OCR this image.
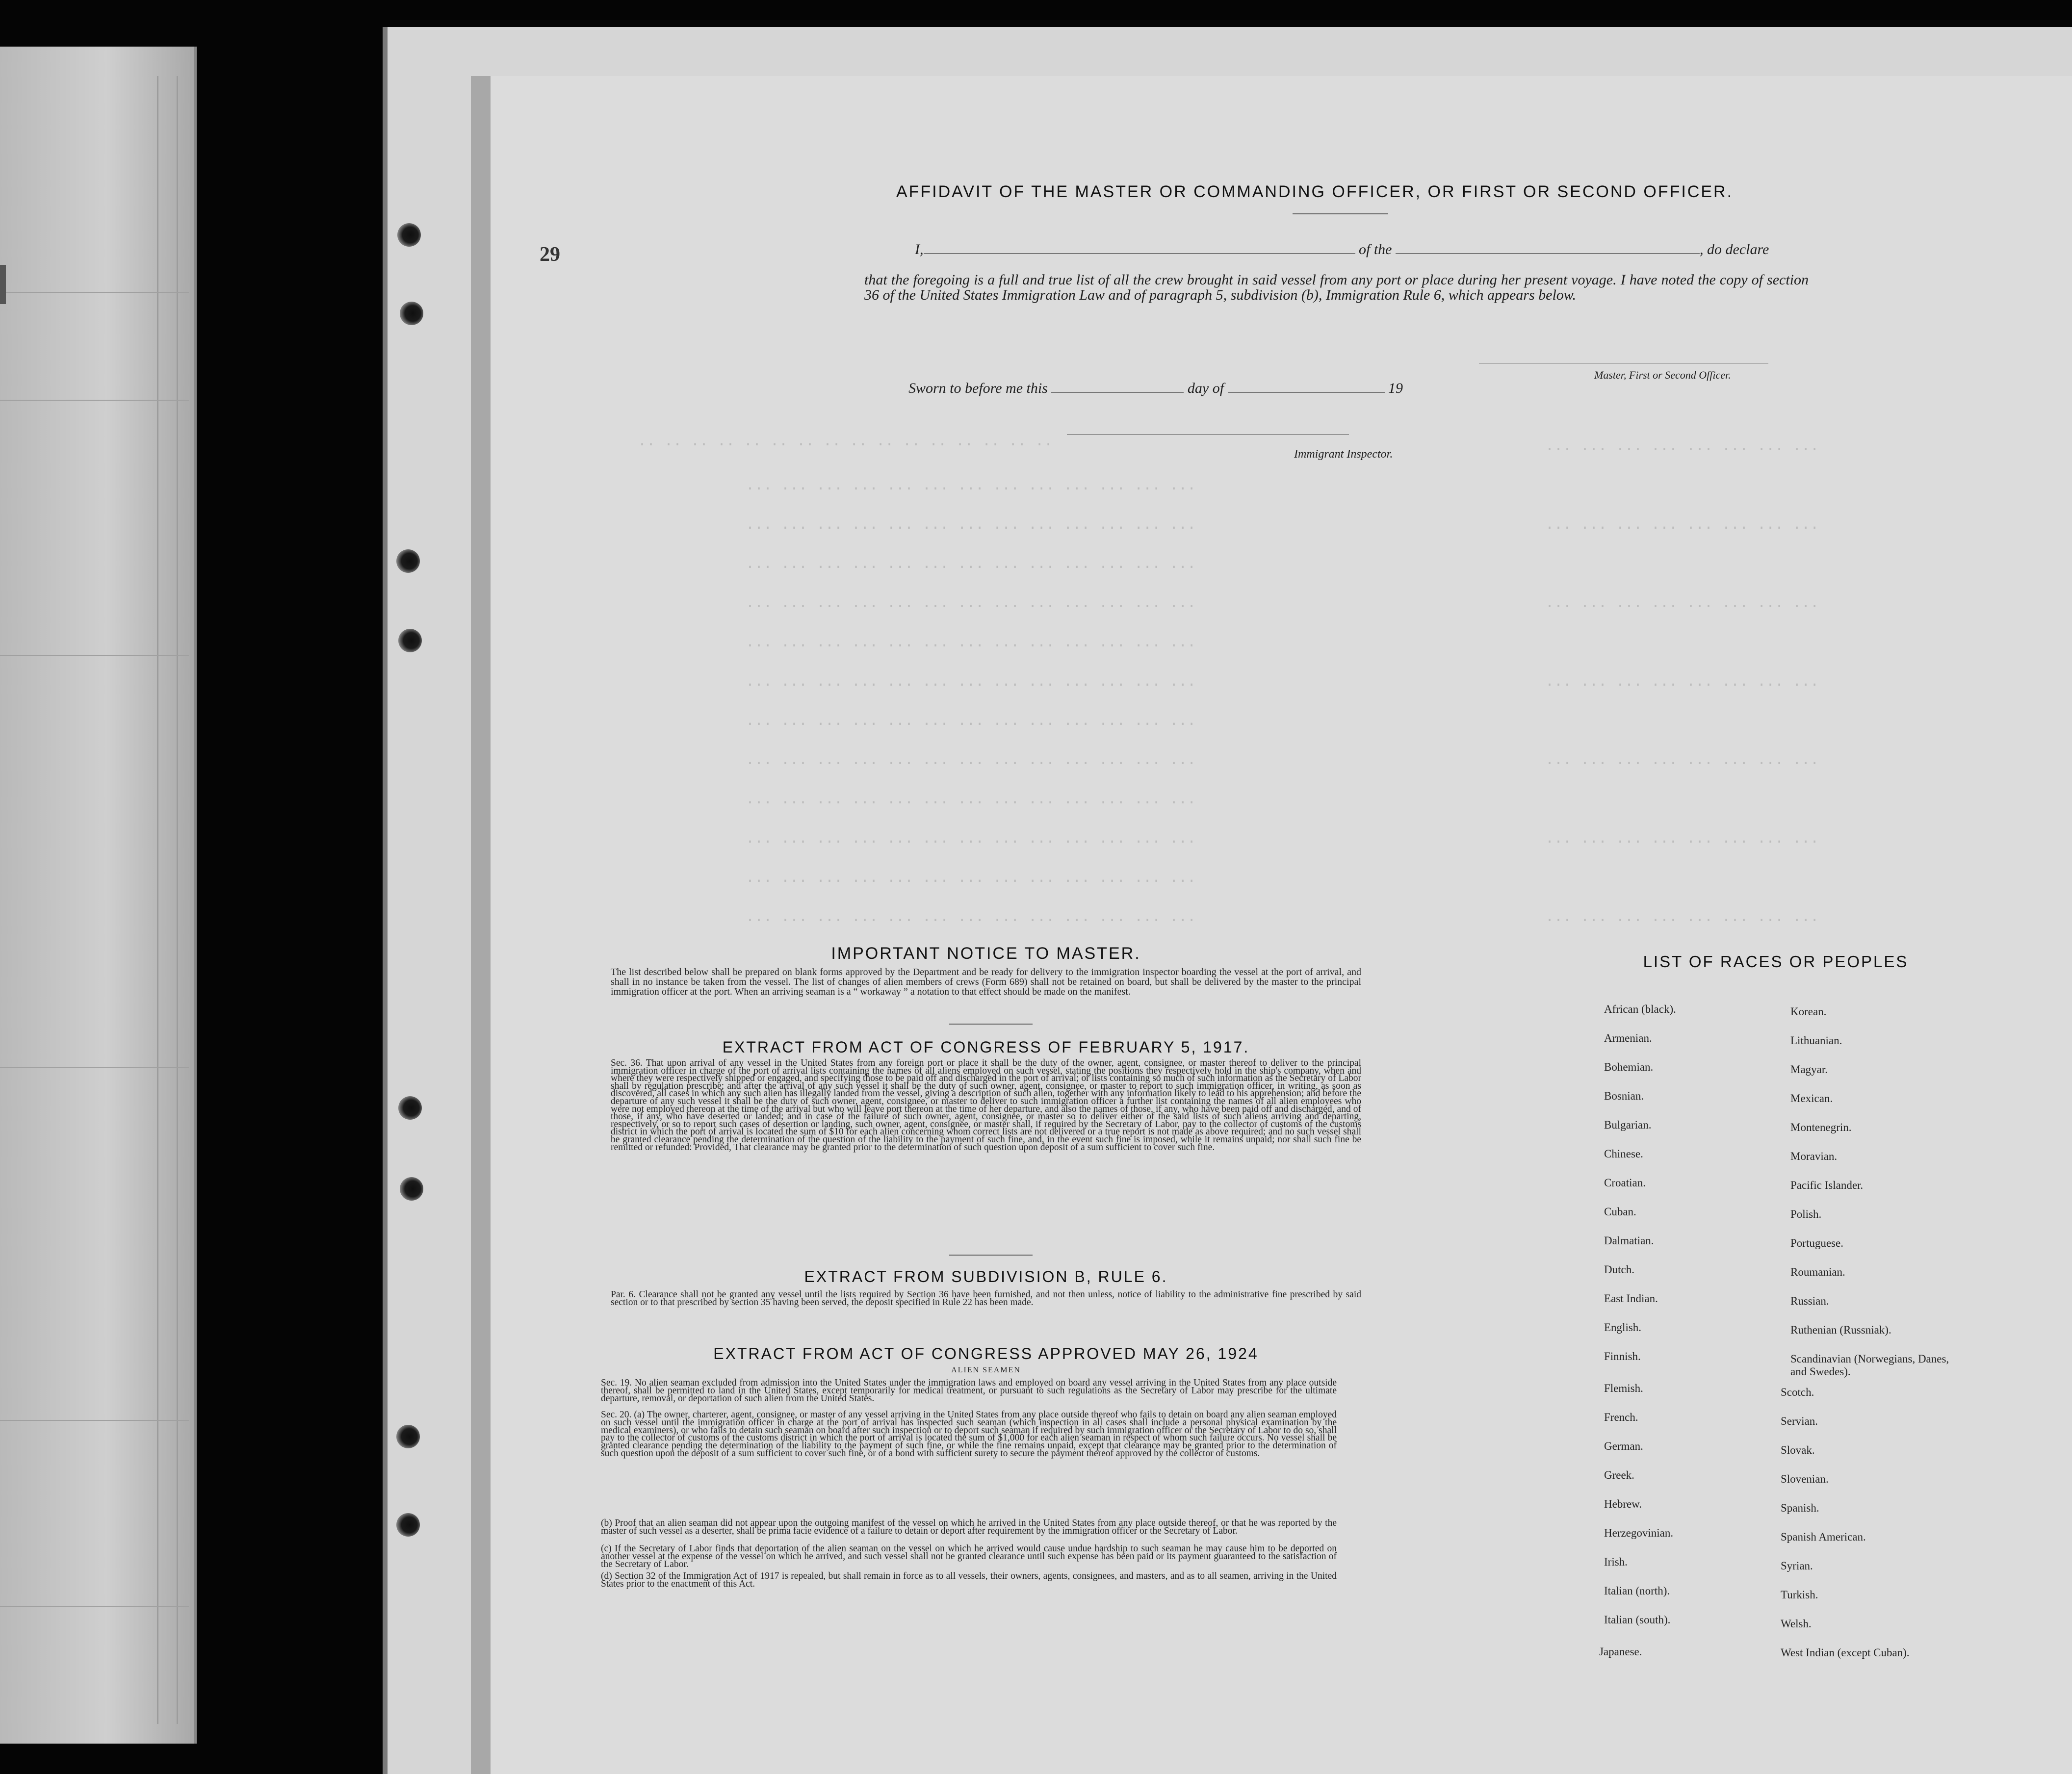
29
·· ·· ·· ·· ·· ·· ·· ·· ·· ·· ·· ·· ·· ·· ·· ··
··· ··· ··· ··· ··· ··· ··· ··· ··· ··· ··· ··· ···
··· ··· ··· ··· ··· ··· ··· ··· ··· ··· ··· ··· ···
··· ··· ··· ··· ··· ··· ··· ··· ··· ··· ··· ··· ···
··· ··· ··· ··· ··· ··· ··· ··· ··· ··· ··· ··· ···
··· ··· ··· ··· ··· ··· ··· ··· ··· ··· ··· ··· ···
··· ··· ··· ··· ··· ··· ··· ··· ··· ··· ··· ··· ···
··· ··· ··· ··· ··· ··· ··· ··· ··· ··· ··· ··· ···
··· ··· ··· ··· ··· ··· ··· ··· ··· ··· ··· ··· ···
··· ··· ··· ··· ··· ··· ··· ··· ··· ··· ··· ··· ···
··· ··· ··· ··· ··· ··· ··· ··· ··· ··· ··· ··· ···
··· ··· ··· ··· ··· ··· ··· ··· ··· ··· ··· ··· ···
··· ··· ··· ··· ··· ··· ··· ··· ··· ··· ··· ··· ···
··· ··· ··· ··· ··· ··· ··· ···
··· ··· ··· ··· ··· ··· ··· ···
··· ··· ··· ··· ··· ··· ··· ···
··· ··· ··· ··· ··· ··· ··· ···
··· ··· ··· ··· ··· ··· ··· ···
··· ··· ··· ··· ··· ··· ··· ···
··· ··· ··· ··· ··· ··· ··· ···
AFFIDAVIT OF THE MASTER OR COMMANDING OFFICER, OR FIRST OR SECOND OFFICER.
I,	of the	, do declare
that the foregoing is a full and true list of all the crew brought in said vessel from any port or place during her present voyage. I have noted the copy of section 36 of the United States Immigration Law and of paragraph 5, subdivision (b), Immigration Rule 6, which appears below.
Master, First or Second Officer.
Sworn to before me this	day of	19
Immigrant Inspector.
IMPORTANT NOTICE TO MASTER.
The list described below shall be prepared on blank forms approved by the Department and be ready for delivery to the immigration inspector boarding the vessel at the port of arrival, and shall in no instance be taken from the vessel. The list of changes of alien members of crews (Form 689) shall not be retained on board, but shall be delivered by the master to the principal immigration officer at the port. When an arriving seaman is a “ workaway ” a notation to that effect should be made on the manifest.
EXTRACT FROM ACT OF CONGRESS OF FEBRUARY 5, 1917.
Sec. 36. That upon arrival of any vessel in the United States from any foreign port or place it shall be the duty of the owner, agent, consignee, or master thereof to deliver to the principal immigration officer in charge of the port of arrival lists containing the names of all aliens employed on such vessel, stating the positions they respectively hold in the ship's company, when and where they were respectively shipped or engaged, and specifying those to be paid off and discharged in the port of arrival; or lists containing so much of such information as the Secretary of Labor shall by regulation prescribe; and after the arrival of any such vessel it shall be the duty of such owner, agent, consignee, or master to report to such immigration officer, in writing, as soon as discovered, all cases in which any such alien has illegally landed from the vessel, giving a description of such alien, together with any information likely to lead to his apprehension; and before the departure of any such vessel it shall be the duty of such owner, agent, consignee, or master to deliver to such immigration officer a further list containing the names of all alien employees who were not employed thereon at the time of the arrival but who will leave port thereon at the time of her departure, and also the names of those, if any, who have been paid off and discharged, and of those, if any, who have deserted or landed; and in case of the failure of such owner, agent, consignee, or master so to deliver either of the said lists of such aliens arriving and departing, respectively, or so to report such cases of desertion or landing, such owner, agent, consignee, or master shall, if required by the Secretary of Labor, pay to the collector of customs of the customs district in which the port of arrival is located the sum of $10 for each alien concerning whom correct lists are not delivered or a true report is not made as above required; and no such vessel shall be granted clearance pending the determination of the question of the liability to the payment of such fine, and, in the event such fine is imposed, while it remains unpaid; nor shall such fine be remitted or refunded: Provided, That clearance may be granted prior to the determination of such question upon deposit of a sum sufficient to cover such fine.
EXTRACT FROM SUBDIVISION B, RULE 6.
Par. 6. Clearance shall not be granted any vessel until the lists required by Section 36 have been furnished, and not then unless, notice of liability to the administrative fine prescribed by said section or to that prescribed by section 35 having been served, the deposit specified in Rule 22 has been made.
EXTRACT FROM ACT OF CONGRESS APPROVED MAY 26, 1924
ALIEN SEAMEN
Sec. 19. No alien seaman excluded from admission into the United States under the immigration laws and employed on board any vessel arriving in the United States from any place outside thereof, shall be permitted to land in the United States, except temporarily for medical treatment, or pursuant to such regulations as the Secretary of Labor may prescribe for the ultimate departure, removal, or deportation of such alien from the United States.
Sec. 20. (a) The owner, charterer, agent, consignee, or master of any vessel arriving in the United States from any place outside thereof who fails to detain on board any alien seaman employed on such vessel until the immigration officer in charge at the port of arrival has inspected such seaman (which inspection in all cases shall include a personal physical examination by the medical examiners), or who fails to detain such seaman on board after such inspection or to deport such seaman if required by such immigration officer or the Secretary of Labor to do so, shall pay to the collector of customs of the customs district in which the port of arrival is located the sum of $1,000 for each alien seaman in respect of whom such failure occurs. No vessel shall be granted clearance pending the determination of the liability to the payment of such fine, or while the fine remains unpaid, except that clearance may be granted prior to the determination of such question upon the deposit of a sum sufficient to cover such fine, or of a bond with sufficient surety to secure the payment thereof approved by the collector of customs.
(b) Proof that an alien seaman did not appear upon the outgoing manifest of the vessel on which he arrived in the United States from any place outside thereof, or that he was reported by the master of such vessel as a deserter, shall be prima facie evidence of a failure to detain or deport after requirement by the immigration officer or the Secretary of Labor.
(c) If the Secretary of Labor finds that deportation of the alien seaman on the vessel on which he arrived would cause undue hardship to such seaman he may cause him to be deported on another vessel at the expense of the vessel on which he arrived, and such vessel shall not be granted clearance until such expense has been paid or its payment guaranteed to the satisfaction of the Secretary of Labor.
(d) Section 32 of the Immigration Act of 1917 is repealed, but shall remain in force as to all vessels, their owners, agents, consignees, and masters, and as to all seamen, arriving in the United States prior to the enactment of this Act.
LIST OF RACES OR PEOPLES
African (black).
Armenian.
Bohemian.
Bosnian.
Bulgarian.
Chinese.
Croatian.
Cuban.
Dalmatian.
Dutch.
East Indian.
English.
Finnish.
Flemish.
French.
German.
Greek.
Hebrew.
Herzegovinian.
Irish.
Italian (north).
Italian (south).
Japanese.
Korean.
Lithuanian.
Magyar.
Mexican.
Montenegrin.
Moravian.
Pacific Islander.
Polish.
Portuguese.
Roumanian.
Russian.
Ruthenian (Russniak).
Scandinavian (Norwegians, Danes, and Swedes).
Scotch.
Servian.
Slovak.
Slovenian.
Spanish.
Spanish American.
Syrian.
Turkish.
Welsh.
West Indian (except Cuban).
